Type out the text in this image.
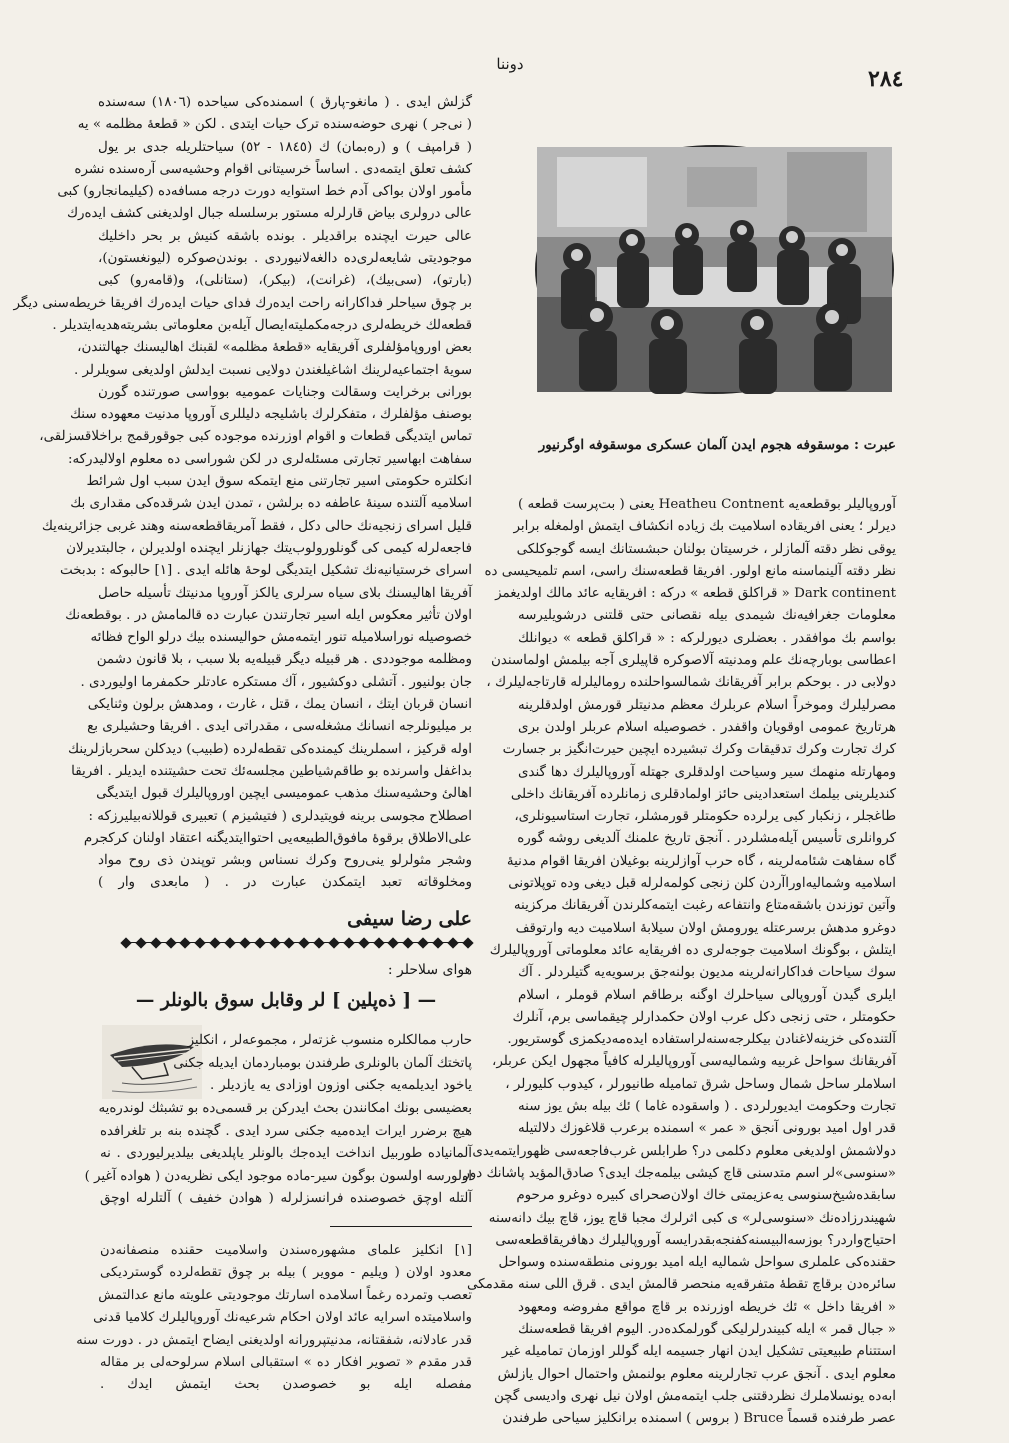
دوننا
٢٨٤

گزلش ایدی . ( مانغو-پارق ) اسمنده‌کی سیاحده (١٨٠٦) سه‌سنده

( نی‌جر ) نهری حوضه‌سنده ترک حیات ایتدی . لکن « قطعهٔ مظلمه » یه

( قرامپف ) و (ره‌بمان) ك (١٨٤٥ - ٥٢) سیاحتلریله جدی بر یول

کشف تعلق ایتمه‌دی . اساساً خرسیتانی اقوام وحشیه‌سی آره‌سنده نشره

مأمور اولان بواکی آدم خط استوایه دورت درجه مسافه‌ده (کیلیمانجارو) کبی

عالی درولری بیاض قارلرله مستور برسلسله جبال اولدیغنی کشف ایده‌رك

عالی حیرت ایچنده براقدیلر . بونده باشقه کنیش بر بحر داخلیك

موجودیتی شایعه‌لری‌ده دالغه‌لانیوردی . بوندن‌صوکره (لیونغستون)،

(بارتو)، (سی‌بیك)، (غرانت)، (بیکر)، (ستانلی)، و(قامه‌رو) کبی

بر چوق سیاحلر فداکارانه راحت ایده‌رك فدای حیات ایده‌رك افریقا خریطه‌سنی دیگر

قطعه‌لك خریطه‌لری درجه‌مکملیته‌ایصال آیله‌بن معلوماتی بشریته‌هدیه‌ایتدیلر .

بعض اوروپامؤلفلری آفریقایه «قطعهٔ مظلمه» لقبنك اهالیسنك جهالتندن،

سویهٔ اجتماعیه‌لرینك اشاغیلغندن دولایی نسبت ایدلش اولدیغی سویلرلر .

بورانی برخرایت وسقالت وجنایات عمومیه بوواسی صورتنده گورن

بوصنف مؤلفلرك ، متفکرلرك باشلیجه دلیللری آوروپا مدنیت معهوده سنك

تماس ایتدیگی قطعات و اقوام اوزرنده موجوده کبی جوقورقمج براخلاقسزلقی،

سفاهت ابهاسیر تجارتی مسئله‌لری در لکن شوراسی ده معلوم اولالیدرکه:

انکلتره حکومتی اسیر تجارتنی منع ایتمکه سوق ایدن سبب اول شرائط

اسلامیه آلتنده سینهٔ عاطفه ده برلشن ، تمدن ایدن شرقده‌کی مقداری بك

قلیل اسرای زنجیه‌نك حالی دکل ، فقط آمریقاقطعه‌سنه وهند غربی جزائرینه‌یك

فاجعه‌لرله کیمی کی گونلورولوب‌یتك جهازنلر ایچنده اولدیرلن ، جالبتدیرلان

اسرای خرستیانیه‌نك تشکیل ایتدیگی لوحهٔ هائله ایدی . [١] حالبوکه : بدبخت

آفریقا اهالیسنك بلای سیاه سرلری یالکز آوروپا مدنیتك تأسیله حاصل

اولان تأثیر معکوس ایله اسیر تجارتندن عبارت ده قالمامش در . بوقطعه‌نك

خصوصیله نوراسلامیله تنور ایتمه‌مش حوالیسنده بیك درلو الواح فظائه

ومظلمه موجوددی . هر قبیله دیگر قبیله‌یه بلا سبب ، بلا قانون دشمن

جان بولنیور . آتشلی دوکشیور ، آك مستکره عادتلر حکمفرما اولیوردی .

انسان قربان ایتك ، انسان یمك ، قتل ، غارت ، ومدهش برلون وثنایکی

بر میلیونلرجه انسانك مشغله‌سی ، مقدراتی ایدی . افریقا وحشیلری بع

اوله قرکیز ، اسملرینك کیمنده‌کی تقطه‌لرده (طبیب) دیدکلن سحربازلرینك

بداغفل واسرنده بو طاقم‌شیاطین مجلسه‌ئك تحت حشیتنده ایدیلر . افریقا

اهالیٔ وحشیه‌سنك مذهب عمومیسی ایچین اوروپالیلرك قبول ایتدیگی

اصطلاح مجوسی برینه فویتیدلری ( فتیشیزم ) تعبیری قوللانه‌بیلیرزکه :

علی‌الاطلاق برقوهٔ مافوق‌الطبیعه‌یی احتواایتدیگنه اعتقاد اولنان کرکجرم

وشجر مثولرلو ینی‌روح وکرك نسناس وبشر توپندن ذی روح مواد

ومخلوقاته تعبد ایتمکدن عبارت در . ( مابعدی وار )

علی رضا سیفی
هوای سلاحلر :
— [ ذه‌پلین ] لر وقابل سوق بالونلر —

حارب ممالکلره منسوب غزته‌لر ، مجموعه‌لر ، انکلیز

پاتختك آلمان بالونلری طرفندن بومباردمان ایدیله جکنی

یاخود ایدیلمه‌یه جکنی اوزون اوزادی یه یازدیلر .

بعضیسی بونك امکانندن بحث ایدرکن بر قسمی‌ده بو تشبثك لوندره‌یه

هیچ برضرر ایرات ایده‌میه جکنی سرد ایدی . گچنده بنه بر تلغرافده

آلمانیاده طوربیل انداخت ایده‌جك بالونلر یاپلدیغی بیلدیرلیوردی . نه

اولورسه اولسون بوگون سیر-ماده موجود ایکی نظریه‌دن ( هواده آغیر )

آلتله اوچق خصوصنده فرانسزلرله ( هوادن خفیف ) آلتلرله اوچق

[١] انکلیز علمای مشهوره‌سندن واسلامیت حقنده منصفانه‌دن

معدود اولان ( ویلیم - موویر ) بیله بر چوق تقطه‌لرده گوستردیکی

تعصب وتمرده رغماً اسلامده اسارتك موجودیتی علویته مانع عدالتمش

واسلامیتده اسرایه عائد اولان احکام شرعیه‌نك آوروپالیلرك کلامیا قدنی

قدر عادلانه، شفقتانه، مدنیتپرورانه اولدیغنی ایضاح ایتمش در . دورت سنه

قدر مقدم « تصویر افکار ده » استقبالی اسلام سرلوحه‌لی بر مقاله

مفصله ایله بو خصوصدن بحث ایتمش ایدك .

عبرت : موسقوفه هجوم ایدن آلمان عسکری موسقوفه اوگرنیور

آوروپالیلر بوقطعه‌یه Heatheu Contnent یعنی ( بت‌پرست قطعه )

دیرلر ؛ یعنی افریقاده اسلامیت بك زیاده انکشاف ایتمش اولمغله برابر

یوقی نظر دقته آلمازلر ، خرسیتان بولنان حبشستانك ایسه گوجوکلکی

نظر دقته آلینماسنه مانع اولور. افریقا قطعه‌سنك راسی، اسم تلمیحیسی ده

Dark continent « قراکلق قطعه » درکه : افریقایه عائد مالك اولدیغمز

معلومات جغرافیه‌نك شیمدی بیله نقصانی حتی قلتنی درشویلیرسه

بواسم بك موافقدر . بعضلری دیورلرکه : « قراکلق قطعه » دیوانلك

اعطاسی بوبارچه‌نك علم ومدنیته آلاصوکره قاپیلری آجه بیلمش اولماسندن

دولابی در . بوحکم برابر آفریقانك شمالسواحلنده روماليلرله قارتاجه‌لیلرك ،

مصرلیلرك وموخراً اسلام عربلرك معظم مدنیتلر قورمش اولدقلرینه

هرتاریخ عمومی اوقویان واقفدر . خصوصیله اسلام عربلر اولدن برى

کرك تجارت وکرك تدقیقات وکرك تبشیرده ایچین حیرت‌انگیز بر جسارت

ومهارتله منهمك سیر وسیاحت اولدقلری جهتله آوروپالیلرك دها گندی

کندیلرینی بیلمك استعدادینی حائز اولمادقلری زمانلرده آفریقانك داخلی

طاغجلر ، زنکبار کبی یرلرده حکومتلر قورمشلر، تجارت استاسیونلری،

کروانلری تأسیس آیله‌مشلردر . آنجق تاریخ علمنك آلدیغی روشه گوره

گاه سفاهت شئامه‌لرینه ، گاه حرب آوازلرینه بوغیلان افریقا اقوام مدنیهٔ

اسلامیه وشمالیه‌اوراآردن کلن زنجی کولمه‌لرله قبل دیغی وده توپلاتونی

وآتین توزندن باشقه‌متاع وانتفاعه رغبت ایتمه‌کلرندن آفریقانك مرکزینه

دوغرو مدهش برسرعتله یورومش اولان سیلابهٔ اسلامیت دیه وارتوقف

ایتلش ، بوگونك اسلامیت جوجه‌لری ده افریقایه عائد معلوماتی آوروپالیلرك

سوك سیاحات فداکارانه‌لرینه مدیون بولنه‌جق برسویه‌یه گتیلردلر . آك

ایلری گیدن آوروپالی سیاحلرك اوگنه برطاقم اسلام قوملر ، اسلام

حکومتلر ، حتی زنجی دکل عرب اولان حکمدارلر چیقماسی برم، آنلرك

آلتنده‌کی خزینه‌لاغنادن بیکلرجه‌سنه‌لرا‌ستفاده ایده‌مه‌دیکمزی گوستریور.

آفریقانك سواحل غربیه وشمالیه‌سی آوروپالیلرله کافیاً مجهول ایکن عربلر،

اسلاملر ساحل شمال وساحل شرق تمامیله طانیورلر ، کیدوب کلیورلر ،

تجارت وحکومت ایدیورلردی . ( واسقوده غاما ) ئك بیله بش یوز سنه

قدر اول امید بورونی آنجق « عمر » اسمنده برعرب قلاغوزك دلالتیله

دولاشمش اولدیغی معلوم دکلمی در؟ طرابلس غرب‌فاجعه‌سی ظهورایتمه‌یدی

«سنوسی»لر اسم متدسنی قاچ کیشی بیلمه‌جك ایدی؟ صادق‌المؤید پاشانك دور

سابقده‌شیخ‌سنوسی یه‌عزیمتی خاك اولان‌صحرای کبیره دوغرو مرحوم

شهیندرزاده‌نك «سنوسی‌لر» ی کبی اثرلرك مجبا قاچ یوز، قاچ بیك دانه‌سنه

احتیاج‌واردر؟ بوزسه‌البیسنه‌کفنجه‌بقدرایسه آوروپالیلرك دهافریقاقطعه‌سی

حقنده‌کی علملری سواحل شمالیه ایله امید بورونی منطقه‌سنده وسواحل

سائره‌دن برقاچ تقطهٔ متفرقه‌یه منحصر قالمش ایدی . قرق اللی سنه مقدمکی

« افریقا داخل » ئك خریطه اوزرنده بر قاچ مواقع مفروضه ومعهود

« جبال قمر » ایله کبیندرلرلیکی گورلمکده‌در. الیوم افریقا قطعه‌سنك

استتنام طبیعیتی تشکیل ایدن انهار جسیمه ایله گوللر اوزمان تمامیله غیر

معلوم ایدی . آنجق عرب تجارلرینه معلوم بولنمش واحتمال احوال یازلش

ابه‌ده یونسلاملرك نظردقتنی جلب ایتمه‌مش اولان نیل نهری وادیسی گچن

عصر طرفنده قسماً Bruce ( بروس ) اسمنده برانکلیز سیاحی طرفندن
